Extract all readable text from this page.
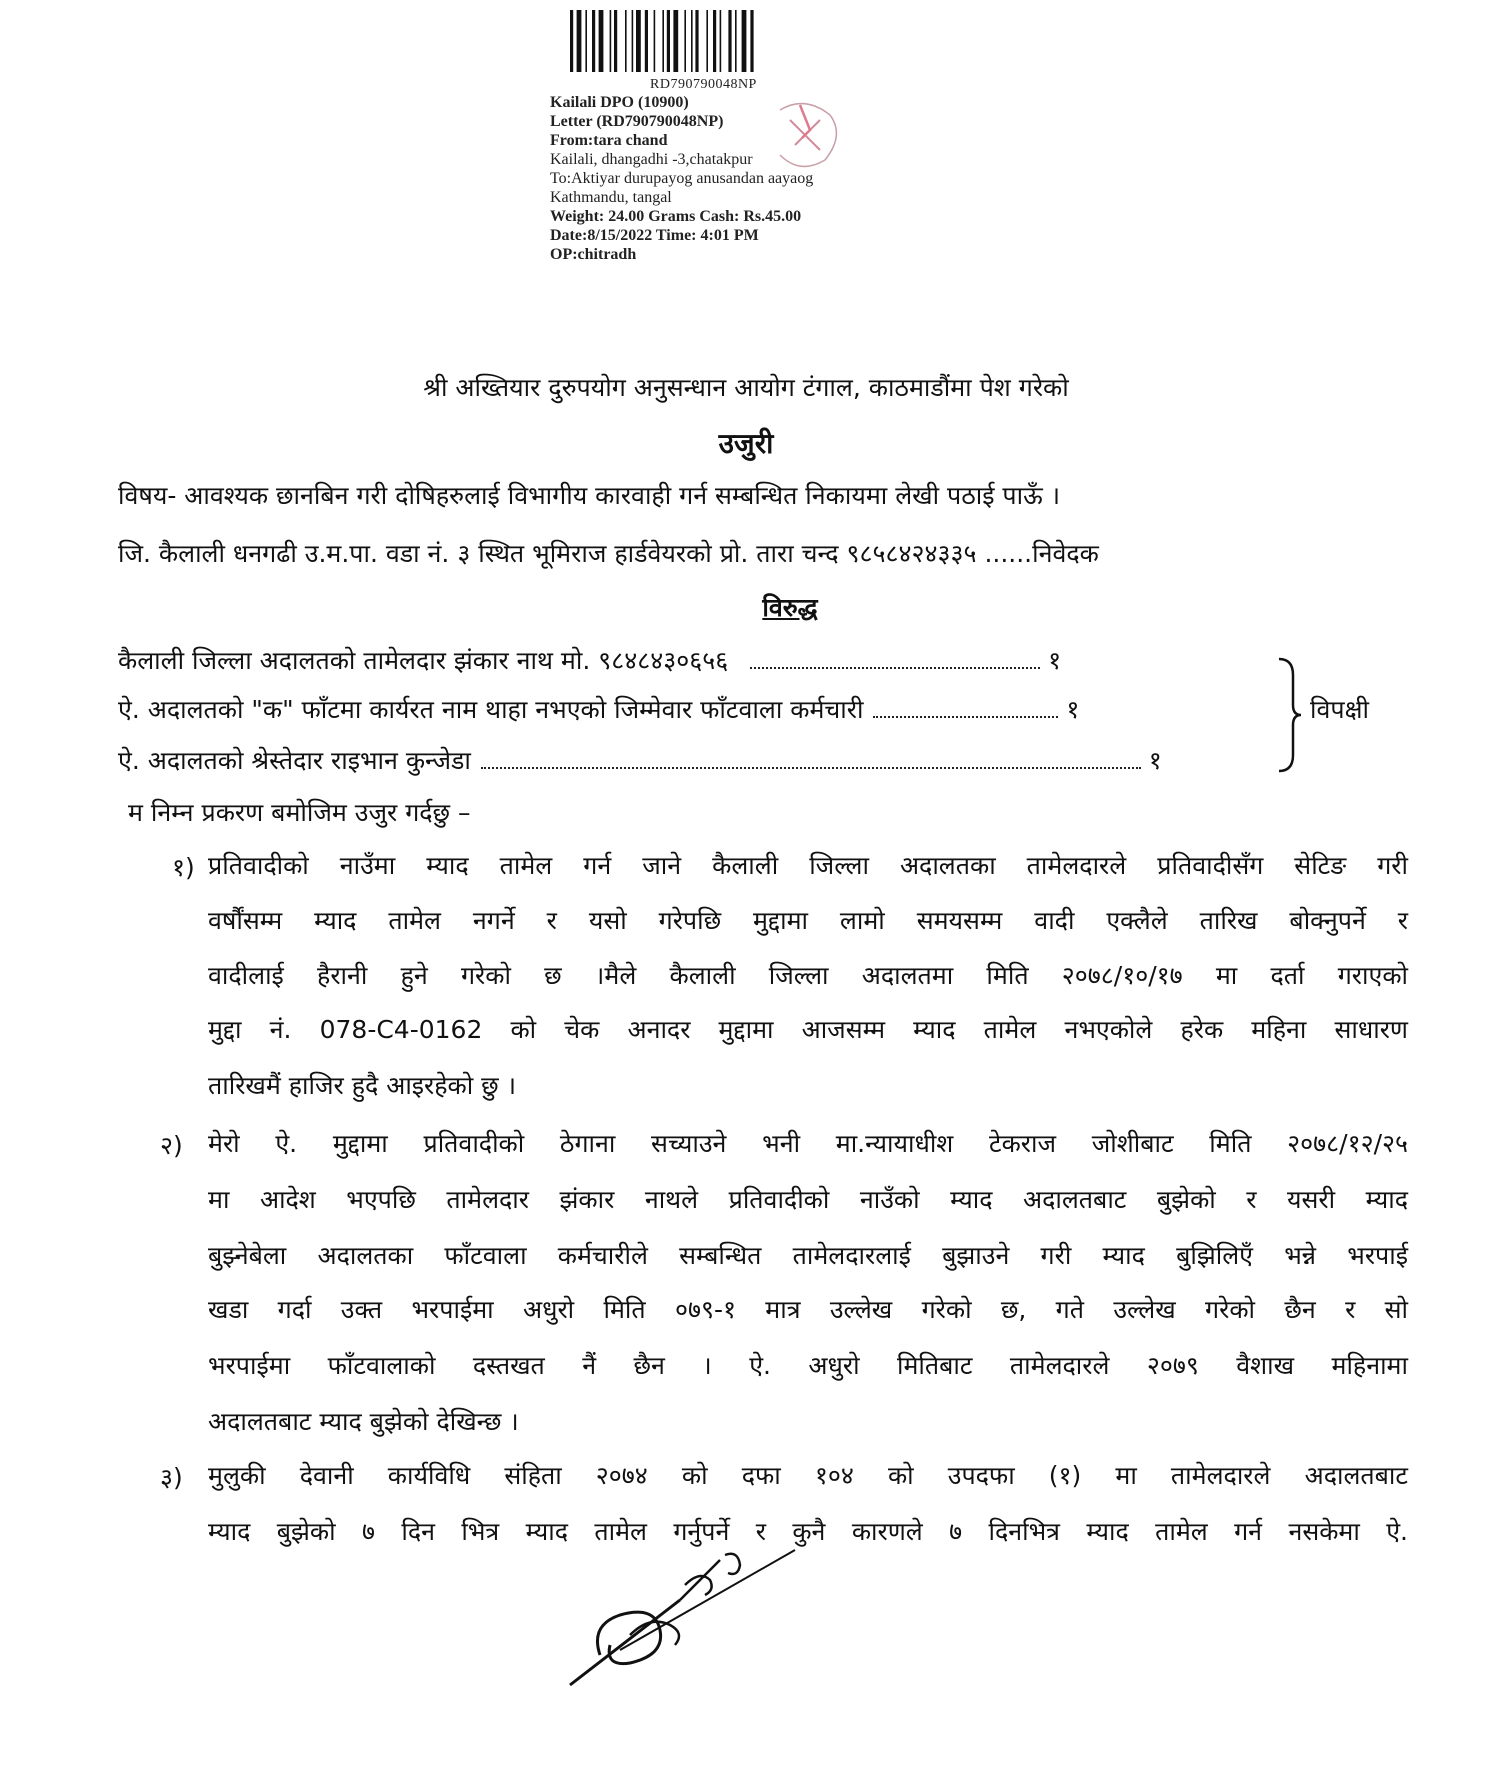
RD790790048NP
Kailali DPO (10900)
Letter (RD790790048NP)
From:tara chand
Kailali, dhangadhi -3,chatakpur
To:Aktiyar durupayog anusandan aayaog
Kathmandu, tangal
Weight: 24.00 Grams Cash: Rs.45.00
Date:8/15/2022 Time: 4:01 PM
OP:chitradh
श्री अख्तियार दुरुपयोग अनुसन्धान आयोग टंगाल, काठमाडौंमा पेश गरेको
उजुरी
विषय- आवश्यक छानबिन गरी दोषिहरुलाई विभागीय कारवाही गर्न सम्बन्धित निकायमा लेखी पठाई पाऊँ ।
जि. कैलाली धनगढी उ.म.पा. वडा नं. ३ स्थित भूमिराज हार्डवेयरको प्रो. तारा चन्द ९८५८४२४३३५ ......निवेदक
विरुद्ध
कैलाली जिल्ला अदालतको तामेलदार झंकार नाथ मो. ९८४८४३०६५६	१
ऐ. अदालतको "क" फाँटमा कार्यरत नाम थाहा नभएको जिम्मेवार फाँटवाला कर्मचारी	१
ऐ. अदालतको श्रेस्तेदार राइभान कुन्जेडा	१
विपक्षी
म निम्न प्रकरण बमोजिम उजुर गर्दछु –
१) प्रतिवादीको नाउँमा म्याद तामेल गर्न जाने कैलाली जिल्ला अदालतका तामेलदारले प्रतिवादीसँग सेटिङ गरी
वर्षौंसम्म म्याद तामेल नगर्ने र यसो गरेपछि मुद्दामा लामो समयसम्म वादी एक्लैले तारिख बोक्नुपर्ने र
वादीलाई हैरानी हुने गरेको छ ।मैले कैलाली जिल्ला अदालतमा मिति २०७८/१०/१७ मा दर्ता गराएको
मुद्दा नं. 078-C4-0162 को चेक अनादर मुद्दामा आजसम्म म्याद तामेल नभएकोले हरेक महिना साधारण
तारिखमैं हाजिर हुदै आइरहेको छु ।
२) मेरो ऐ. मुद्दामा प्रतिवादीको ठेगाना सच्याउने भनी मा.न्यायाधीश टेकराज जोशीबाट मिति २०७८/१२/२५
मा आदेश भएपछि तामेलदार झंकार नाथले प्रतिवादीको नाउँको म्याद अदालतबाट बुझेको र यसरी म्याद
बुझ्नेबेला अदालतका फाँटवाला कर्मचारीले सम्बन्धित तामेलदारलाई बुझाउने गरी म्याद बुझिलिएँ भन्ने भरपाई
खडा गर्दा उक्त भरपाईमा अधुरो मिति ०७९-१ मात्र उल्लेख गरेको छ, गते उल्लेख गरेको छैन र सो
भरपाईमा फाँटवालाको दस्तखत नैं छैन । ऐ. अधुरो मितिबाट तामेलदारले २०७९ वैशाख महिनामा
अदालतबाट म्याद बुझेको देखिन्छ ।
३) मुलुकी देवानी कार्यविधि संहिता २०७४ को दफा १०४ को उपदफा (१) मा तामेलदारले अदालतबाट
म्याद बुझेको ७ दिन भित्र म्याद तामेल गर्नुपर्ने र कुनै कारणले ७ दिनभित्र म्याद तामेल गर्न नसकेमा ऐ.
